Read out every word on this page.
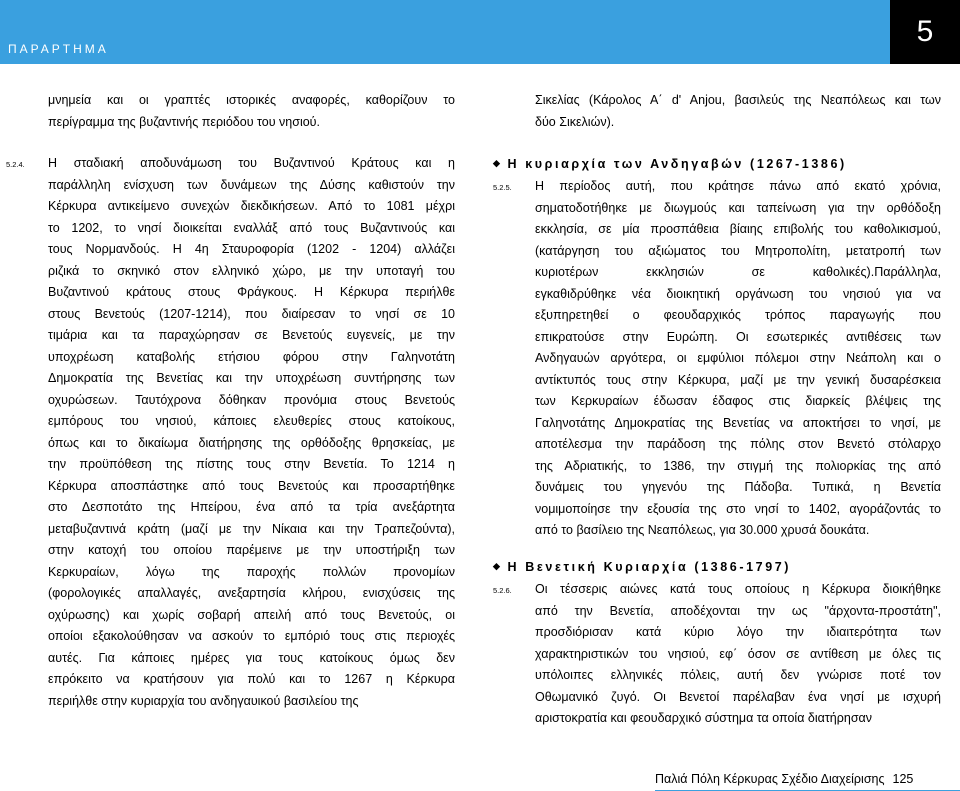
ΠΑΡΑΡΤΗΜΑ
5

μνημεία και οι γραπτές ιστορικές αναφορές, καθορίζουν το

περίγραμμα της βυζαντινής περιόδου του νησιού.

5.2.4. Η σταδιακή αποδυνάμωση του Βυζαντινού Κράτους και η

παράλληλη ενίσχυση των δυνάμεων της Δύσης καθιστούν την

Κέρκυρα αντικείμενο συνεχών διεκδικήσεων. Από το 1081 μέχρι

το 1202, το νησί διοικείται εναλλάξ από τους Βυζαντινούς και

τους Νορμανδούς. Η 4η Σταυροφορία (1202 - 1204) αλλάζει

ριζικά το σκηνικό στον ελληνικό χώρο, με την υποταγή του

Βυζαντινού κράτους στους Φράγκους. Η Κέρκυρα περιήλθε

στους Βενετούς (1207-1214), που διαίρεσαν το νησί σε 10

τιμάρια και τα παραχώρησαν σε Βενετούς ευγενείς, με την

υποχρέωση καταβολής ετήσιου φόρου στην Γαληνοτάτη

Δημοκρατία της Βενετίας και την υποχρέωση συντήρησης των

οχυρώσεων. Ταυτόχρονα δόθηκαν προνόμια στους Βενετούς

εμπόρους του νησιού, κάποιες ελευθερίες στους κατοίκους,

όπως και το δικαίωμα διατήρησης της ορθόδοξης θρησκείας, με

την προϋπόθεση της πίστης τους στην Βενετία. Το 1214 η

Κέρκυρα αποσπάστηκε από τους Βενετούς και προσαρτήθηκε

στο Δεσποτάτο της Ηπείρου, ένα από τα τρία ανεξάρτητα

μεταβυζαντινά κράτη (μαζί με την Νίκαια και την Τραπεζούντα),

στην κατοχή του οποίου παρέμεινε με την υποστήριξη των

Κερκυραίων, λόγω της παροχής πολλών προνομίων

(φορολογικές απαλλαγές, ανεξαρτησία κλήρου, ενισχύσεις της

οχύρωσης) και χωρίς σοβαρή απειλή από τους Βενετούς, οι

οποίοι εξακολούθησαν να ασκούν το εμπόριό τους στις περιοχές

αυτές. Για κάποιες ημέρες για τους κατοίκους όμως δεν

επρόκειτο να κρατήσουν για πολύ και το 1267 η Κέρκυρα

περιήλθε στην κυριαρχία του ανδηγαυικού βασιλείου της

Σικελίας (Κάρολος Α΄ d' Anjou, βασιλεύς της Νεαπόλεως και των

δύο Σικελιών).

◆ Η κυριαρχία των Ανδηγαβών (1267-1386)
5.2.5. Η περίοδος αυτή, που κράτησε πάνω από εκατό χρόνια,

σηματοδοτήθηκε με διωγμούς και ταπείνωση για την ορθόδοξη

εκκλησία, σε μία προσπάθεια βίαιης επιβολής του καθολικισμού,

(κατάργηση του αξιώματος του Μητροπολίτη, μετατροπή των

κυριοτέρων εκκλησιών σε καθολικές).Παράλληλα,

εγκαθιδρύθηκε νέα διοικητική οργάνωση του νησιού για να

εξυπηρετηθεί ο φεουδαρχικός τρόπος παραγωγής που

επικρατούσε στην Ευρώπη. Οι εσωτερικές αντιθέσεις των

Ανδηγαυών αργότερα, οι εμφύλιοι πόλεμοι στην Νεάπολη και ο

αντίκτυπός τους στην Κέρκυρα, μαζί με την γενική δυσαρέσκεια

των Κερκυραίων έδωσαν έδαφος στις διαρκείς βλέψεις της

Γαληνοτάτης Δημοκρατίας της Βενετίας να αποκτήσει το νησί, με

αποτέλεσμα την παράδοση της πόλης στον Βενετό στόλαρχο

της Αδριατικής, το 1386, την στιγμή της πολιορκίας της από

δυνάμεις του γηγενόυ της Πάδοβα. Τυπικά, η Βενετία

νομιμοποίησε την εξουσία της στο νησί το 1402, αγοράζοντάς το

από το βασίλειο της Νεαπόλεως, για 30.000 χρυσά δουκάτα.

◆ Η Βενετική Κυριαρχία (1386-1797)
5.2.6. Οι τέσσερις αιώνες κατά τους οποίους η Κέρκυρα διοικήθηκε

από την Βενετία, αποδέχονται την ως "άρχοντα-προστάτη",

προσδιόρισαν κατά κύριο λόγο την ιδιαιτερότητα των

χαρακτηριστικών του νησιού, εφ΄ όσον σε αντίθεση με όλες τις

υπόλοιπες ελληνικές πόλεις, αυτή δεν γνώρισε ποτέ τον

Οθωμανικό ζυγό. Οι Βενετοί παρέλαβαν ένα νησί με ισχυρή

αριστοκρατία και φεουδαρχικό σύστημα τα οποία διατήρησαν

Παλιά Πόλη Κέρκυρας Σχέδιο Διαχείρισης 125
